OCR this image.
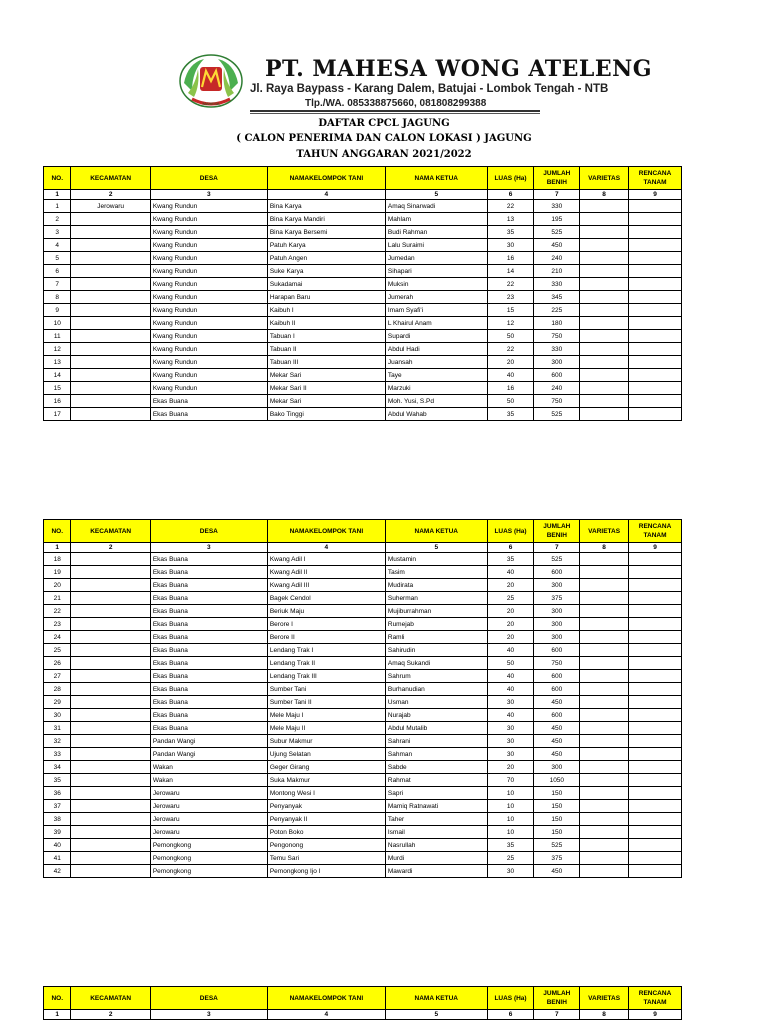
MAHESA
PT. MAHESA WONG ATELENG
Jl. Raya Baypass - Karang Dalem, Batujai - Lombok Tengah - NTB
Tlp./WA. 085338875660, 081808299388
DAFTAR CPCL JAGUNG
( CALON PENERIMA DAN CALON LOKASI ) JAGUNG
TAHUN ANGGARAN 2021/2022
NO.	KECAMATAN	DESA	NAMAKELOMPOK TANI	NAMA KETUA	LUAS (Ha)	JUMLAH BENIH	VARIETAS	RENCANA TANAM
1	2	3	4	5	6	7	8	9
1	Jerowaru	Kwang Rundun	Bina Karya	Amaq Sinarwadi	22	330		
2		Kwang Rundun	Bina Karya Mandiri	Mahlam	13	195		
3		Kwang Rundun	Bina Karya Bersemi	Budi Rahman	35	525		
4		Kwang Rundun	Patuh Karya	Lalu Suraimi	30	450		
5		Kwang Rundun	Patuh Angen	Jumedan	16	240		
6		Kwang Rundun	Suke Karya	Sihapari	14	210		
7		Kwang Rundun	Sukadamai	Muksin	22	330		
8		Kwang Rundun	Harapan Baru	Jumerah	23	345		
9		Kwang Rundun	Kaibuh I	Imam Syafi'i	15	225		
10		Kwang Rundun	Kaibuh II	L Khairul Anam	12	180		
11		Kwang Rundun	Tabuan I	Supardi	50	750		
12		Kwang Rundun	Tabuan II	Abdul Hadi	22	330		
13		Kwang Rundun	Tabuan III	Juansah	20	300		
14		Kwang Rundun	Mekar Sari	Taye	40	600		
15		Kwang Rundun	Mekar Sari II	Marzuki	16	240		
16		Ekas Buana	Mekar Sari	Moh. Yusi, S.Pd	50	750		
17		Ekas Buana	Bako Tinggi	Abdul Wahab	35	525		
NO.	KECAMATAN	DESA	NAMAKELOMPOK TANI	NAMA KETUA	LUAS (Ha)	JUMLAH BENIH	VARIETAS	RENCANA TANAM
1	2	3	4	5	6	7	8	9
18		Ekas Buana	Kwang Adil I	Mustamin	35	525		
19		Ekas Buana	Kwang Adil II	Tasim	40	600		
20		Ekas Buana	Kwang Adil III	Mudirata	20	300		
21		Ekas Buana	Bagek Cendol	Suherman	25	375		
22		Ekas Buana	Beriuk Maju	Mujiburrahman	20	300		
23		Ekas Buana	Berore I	Rumejab	20	300		
24		Ekas Buana	Berore II	Ramli	20	300		
25		Ekas Buana	Lendang Trak I	Sahirudin	40	600		
26		Ekas Buana	Lendang Trak II	Amaq Sukandi	50	750		
27		Ekas Buana	Lendang Trak III	Sahrum	40	600		
28		Ekas Buana	Sumber Tani	Burhanudian	40	600		
29		Ekas Buana	Sumber Tani II	Usman	30	450		
30		Ekas Buana	Mele Maju I	Nurajab	40	600		
31		Ekas Buana	Mele Maju II	Abdul Mutalib	30	450		
32		Pandan Wangi	Subur Makmur	Sahrani	30	450		
33		Pandan Wangi	Ujung Selatan	Sahman	30	450		
34		Wakan	Geger Girang	Sabde	20	300		
35		Wakan	Suka Makmur	Rahmat	70	1050		
36		Jerowaru	Montong Wesi I	Sapri	10	150		
37		Jerowaru	Penyanyak	Mamiq Ratnawati	10	150		
38		Jerowaru	Penyanyak II	Taher	10	150		
39		Jerowaru	Poton Boko	Ismail	10	150		
40		Pemongkong	Pengonong	Nasrullah	35	525		
41		Pemongkong	Temu Sari	Murdi	25	375		
42		Pemongkong	Pemongkong Ijo I	Mawardi	30	450		
NO.	KECAMATAN	DESA	NAMAKELOMPOK TANI	NAMA KETUA	LUAS (Ha)	JUMLAH BENIH	VARIETAS	RENCANA TANAM
1	2	3	4	5	6	7	8	9
